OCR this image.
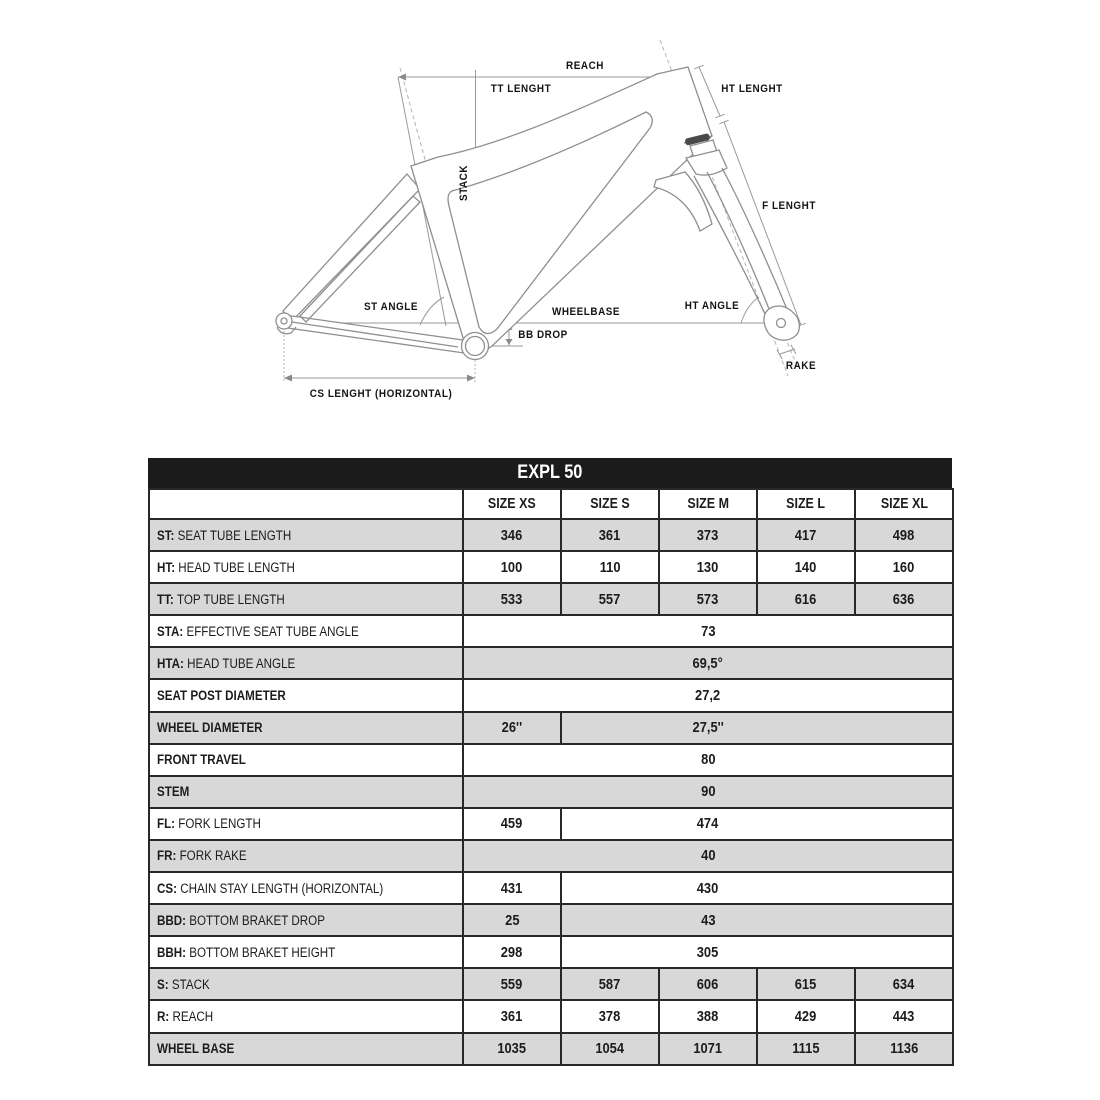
REACH
TT LENGHT	HT LENGHT
STACK
F LENGHT
ST ANGLE	WHEELBASE
BB DROP
HT ANGLE
RAKE
CS LENGHT (HORIZONTAL)
EXPL 50
	SIZE XS	SIZE S	SIZE M	SIZE L	SIZE XL
ST: SEAT TUBE LENGTH	346	361	373	417	498
HT: HEAD TUBE LENGTH	100	110	130	140	160
TT: TOP TUBE LENGTH	533	557	573	616	636
STA: EFFECTIVE SEAT TUBE ANGLE	73				
HTA: HEAD TUBE ANGLE	69,5°				
SEAT POST DIAMETER	27,2				
WHEEL DIAMETER	26''	27,5''			
FRONT TRAVEL	80				
STEM	90				
FL: FORK LENGTH	459	474			
FR: FORK RAKE	40				
CS: CHAIN STAY LENGTH (HORIZONTAL)	431	430			
BBD: BOTTOM BRAKET DROP	25	43			
BBH: BOTTOM BRAKET HEIGHT	298	305			
S: STACK	559	587	606	615	634
R: REACH	361	378	388	429	443
WHEEL BASE	1035	1054	1071	1115	1136
